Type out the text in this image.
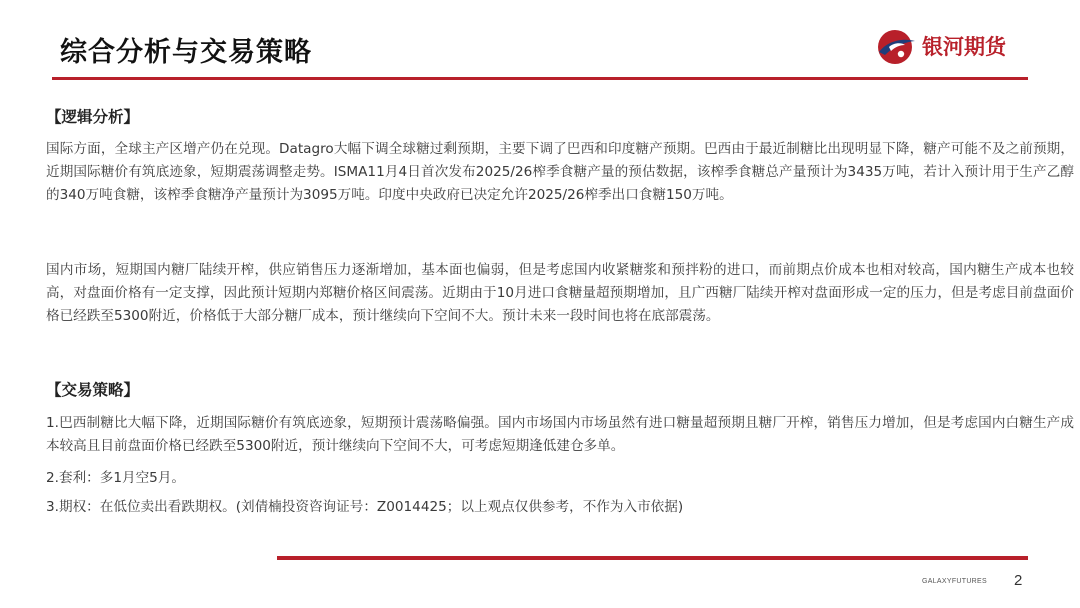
综合分析与交易策略	银河期货
【逻辑分析】
国际方面，全球主产区增产仍在兑现。Datagro大幅下调全球糖过剩预期，主要下调了巴西和印度糖产预期。巴西由于最近制糖比出现明显下降，糖产可能不及之前预期，近期国际糖价有筑底迹象，短期震荡调整走势。ISMA11月4日首次发布2025/26榨季食糖产量的预估数据，该榨季食糖总产量预计为3435万吨，若计入预计用于生产乙醇的340万吨食糖，该榨季食糖净产量预计为3095万吨。印度中央政府已决定允许2025/26榨季出口食糖150万吨。
国内市场，短期国内糖厂陆续开榨，供应销售压力逐渐增加，基本面也偏弱，但是考虑国内收紧糖浆和预拌粉的进口，而前期点价成本也相对较高，国内糖生产成本也较高，对盘面价格有一定支撑，因此预计短期内郑糖价格区间震荡。近期由于10月进口食糖量超预期增加，且广西糖厂陆续开榨对盘面形成一定的压力，但是考虑目前盘面价格已经跌至5300附近，价格低于大部分糖厂成本，预计继续向下空间不大。预计未来一段时间也将在底部震荡。
【交易策略】
1.巴西制糖比大幅下降，近期国际糖价有筑底迹象，短期预计震荡略偏强。国内市场国内市场虽然有进口糖量超预期且糖厂开榨，销售压力增加，但是考虑国内白糖生产成本较高且目前盘面价格已经跌至5300附近，预计继续向下空间不大，可考虑短期逢低建仓多单。
2.套利：多1月空5月。
3.期权：在低位卖出看跌期权。(刘倩楠投资咨询证号：Z0014425；以上观点仅供参考，不作为入市依据)
GALAXYFUTURES 2
